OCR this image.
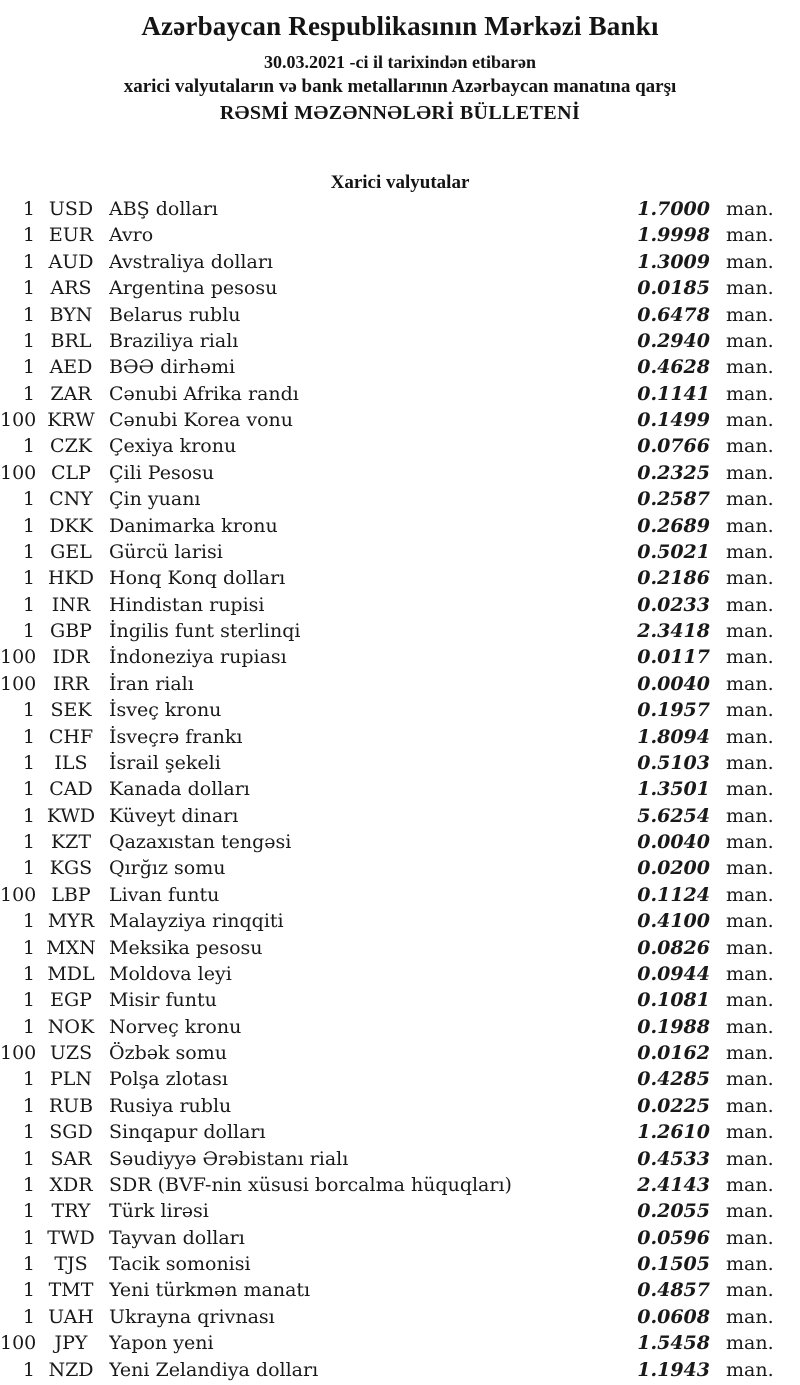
Azərbaycan Respublikasının Mərkəzi Bankı
30.03.2021 -ci il tarixindən etibarən
xarici valyutaların və bank metallarının Azərbaycan manatına qarşı
RƏSMİ MƏZƏNNƏLƏRİ BÜLLETENİ
Xarici valyutalar
1 USD ABŞ dolları	1.7000 man.
1 EUR Avro	1.9998 man.
1 AUD Avstraliya dolları	1.3009 man.
1 ARS Argentina pesosu	0.0185 man.
1 BYN Belarus rublu	0.6478 man.
1 BRL Braziliya rialı	0.2940 man.
1 AED BƏƏ dirhəmi	0.4628 man.
1 ZAR Cənubi Afrika randı	0.1141 man.
100 KRW Cənubi Korea vonu	0.1499 man.
1 CZK Çexiya kronu	0.0766 man.
100 CLP Çili Pesosu	0.2325 man.
1 CNY Çin yuanı	0.2587 man.
1 DKK Danimarka kronu	0.2689 man.
1 GEL Gürcü larisi	0.5021 man.
1 HKD Honq Konq dolları	0.2186 man.
1 INR Hindistan rupisi	0.0233 man.
1 GBP İngilis funt sterlinqi	2.3418 man.
100 IDR	İndoneziya rupiası	0.0117 man.
100 IRR	İran rialı	0.0040 man.
1 SEK İsveç kronu	0.1957 man.
1 CHF İsveçrə frankı	1.8094 man.
1	ILS	İsrail şekeli	0.5103 man.
1 CAD Kanada dolları	1.3501 man.
1 KWD Küveyt dinarı	5.6254 man.
1 KZT Qazaxıstan tengəsi	0.0040 man.
1 KGS Qırğız somu	0.0200 man.
100 LBP Livan funtu	0.1124 man.
1 MYR Malayziya rinqqiti	0.4100 man.
1 MXN Meksika pesosu	0.0826 man.
1 MDL Moldova leyi	0.0944 man.
1 EGP Misir funtu	0.1081 man.
1 NOK Norveç kronu	0.1988 man.
100 UZS Özbək somu	0.0162 man.
1 PLN Polşa zlotası	0.4285 man.
1 RUB Rusiya rublu	0.0225 man.
1 SGD Sinqapur dolları	1.2610 man.
1 SAR Səudiyyə Ərəbistanı rialı	0.4533 man.
1 XDR SDR (BVF-nin xüsusi borcalma hüquqları)	2.4143 man.
1 TRY Türk lirəsi	0.2055 man.
1 TWD Tayvan dolları	0.0596 man.
1	TJS	Tacik somonisi	0.1505 man.
1 TMT Yeni türkmən manatı	0.4857 man.
1 UAH Ukrayna qrivnası	0.0608 man.
100 JPY	Yapon yeni	1.5458 man.
1 NZD Yeni Zelandiya dolları	1.1943 man.
